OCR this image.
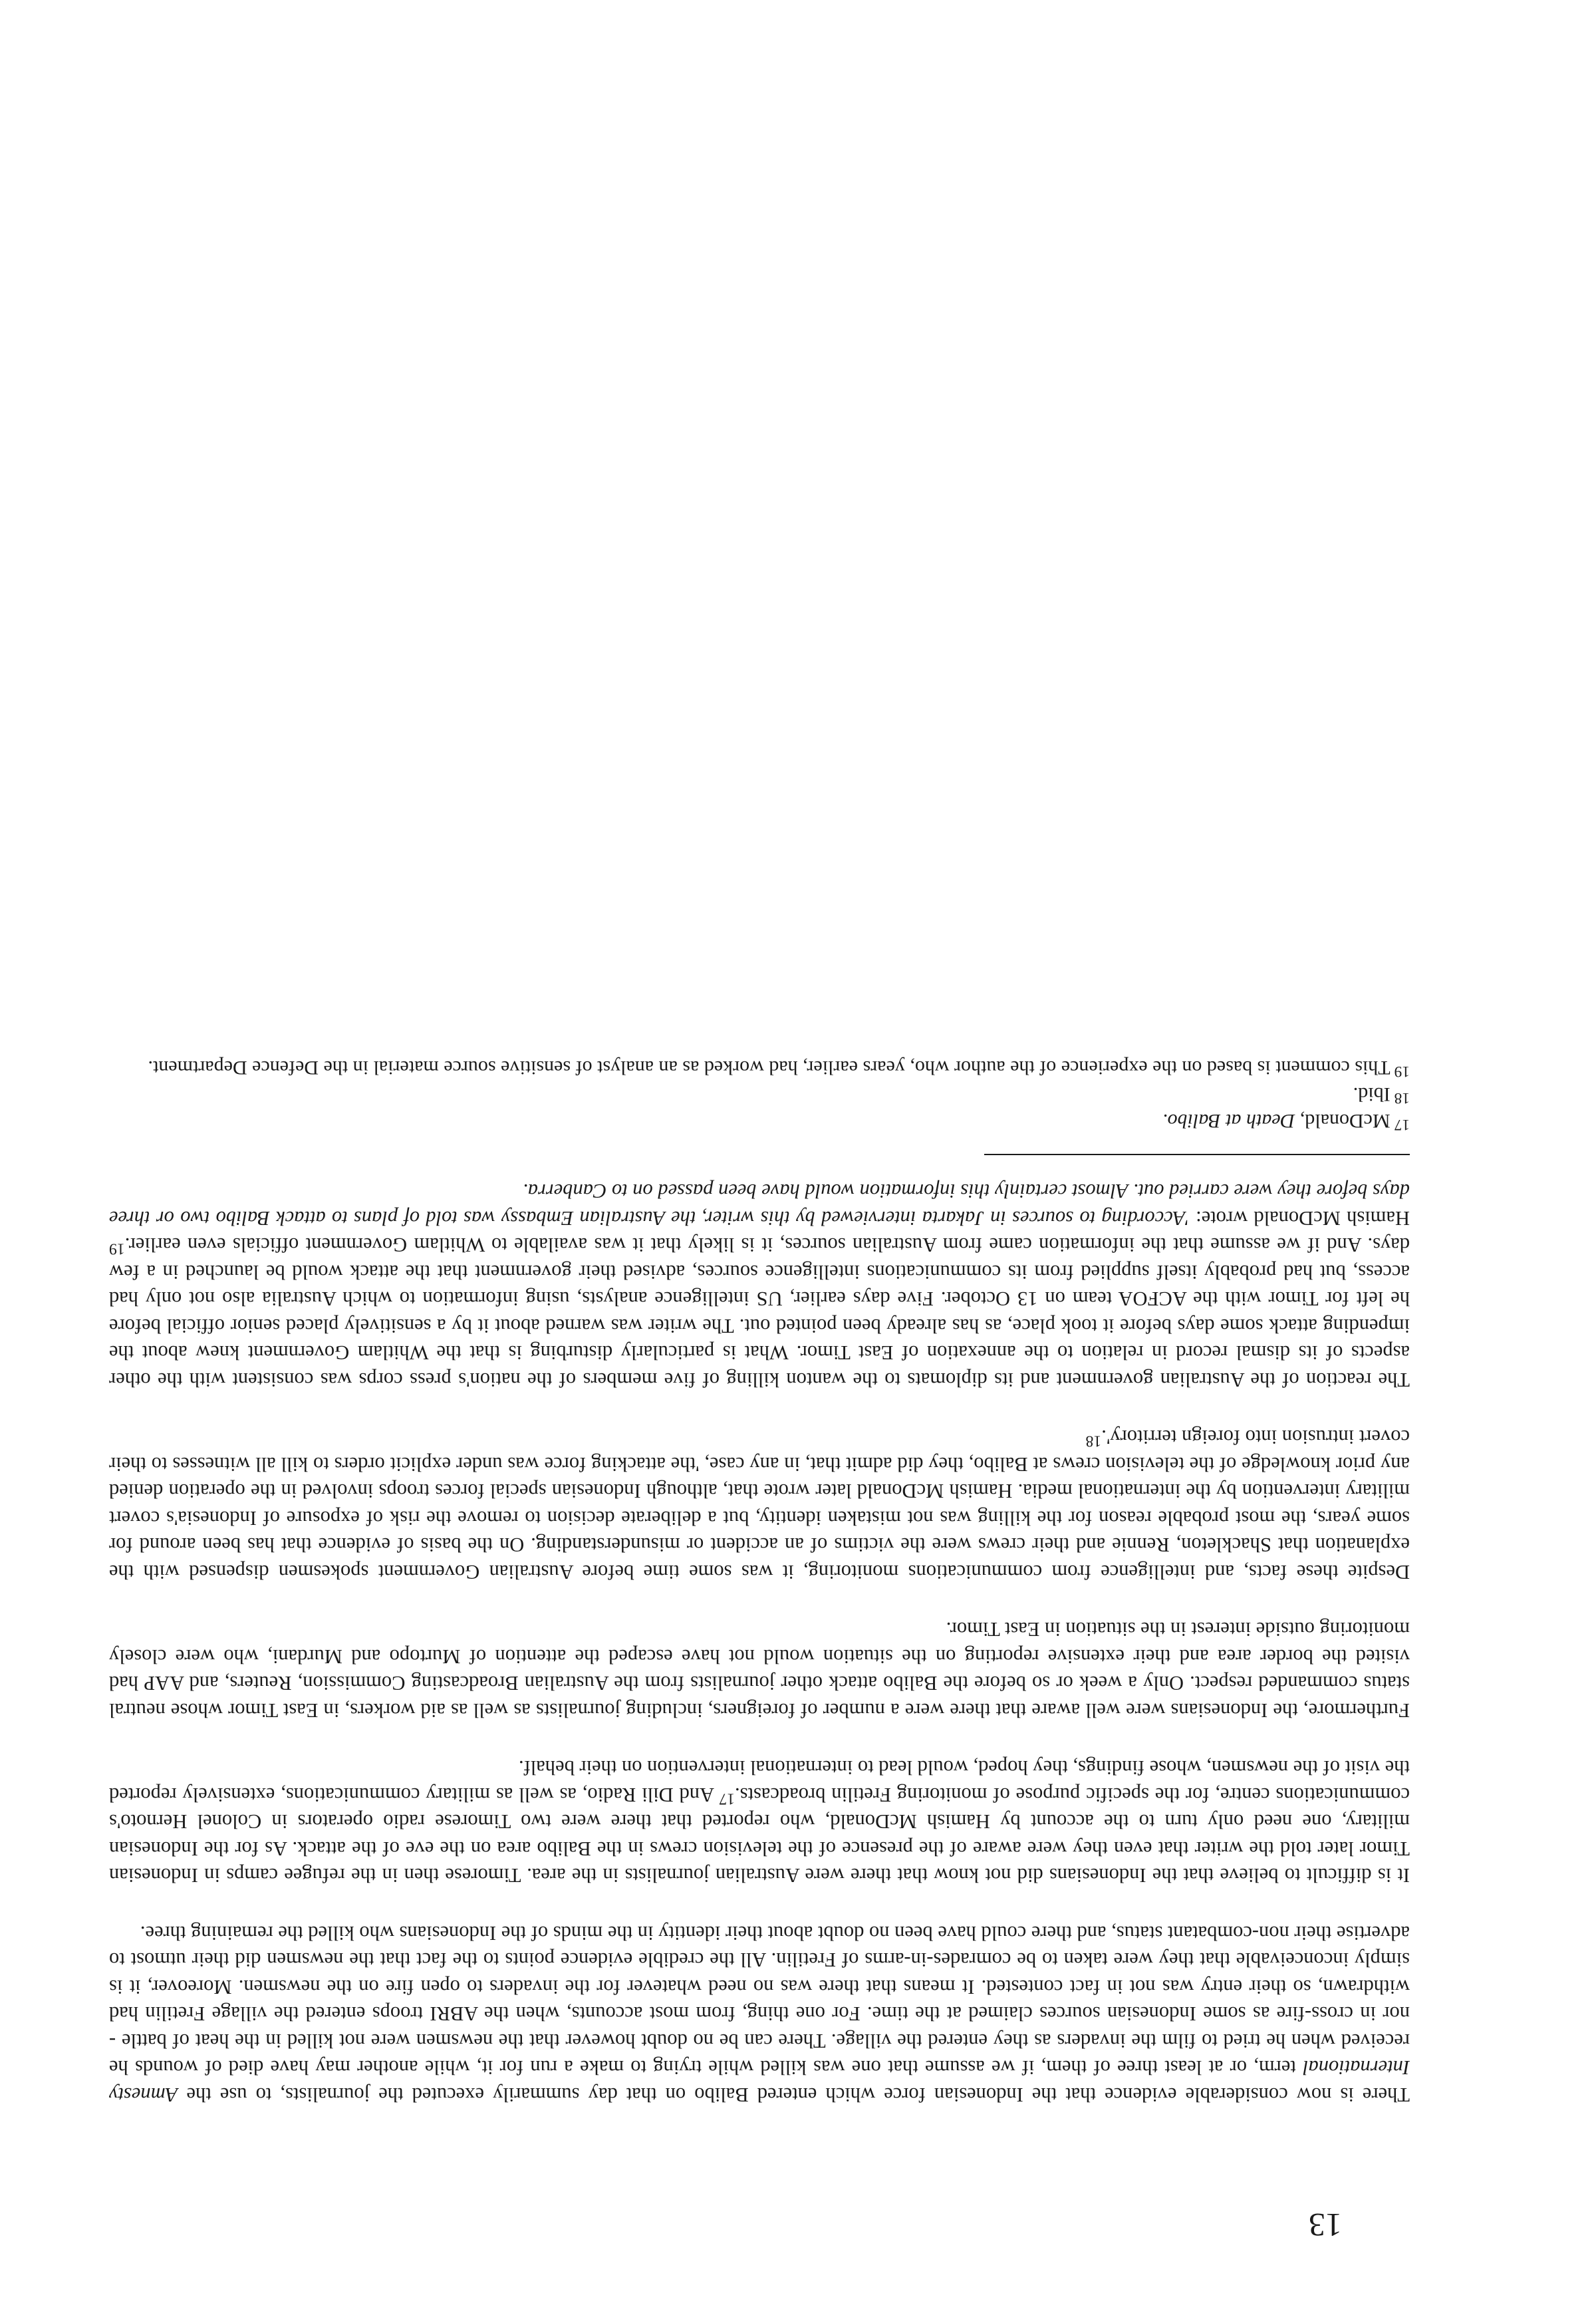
There is now considerable evidence that the Indonesian force which entered Balibo on that day summarily executed the journalists, to use the Amnesty International term, or at least three of them, if we assume that one was killed while trying to make a run for it, while another may have died of wounds he received when he tried to film the invaders as they entered the village. There can be no doubt however that the newsmen were not killed in the heat of battle - nor in cross-fire as some Indonesian sources claimed at the time. For one thing, from most accounts, when the ABRI troops entered the village Fretilin had withdrawn, so their entry was not in fact contested. It means that there was no need whatever for the invaders to open fire on the newsmen. Moreover, it is simply inconceivable that they were taken to be comrades-in-arms of Fretilin. All the credible evidence points to the fact that the newsmen did their utmost to advertise their non-combatant status, and there could have been no doubt about their identity in the minds of the Indonesians who killed the remaining three.

It is difficult to believe that the Indonesians did not know that there were Australian journalists in the area. Timorese then in the refugee camps in Indonesian Timor later told the writer that even they were aware of the presence of the television crews in the Balibo area on the eve of the attack. As for the Indonesian military, one need only turn to the account by Hamish McDonald, who reported that there were two Timorese radio operators in Colonel Hernoto's communications centre, for the specific purpose of monitoring Fretilin broadcasts.$^{17}$ And Dili Radio, as well as military communications, extensively reported the visit of the newsmen, whose findings, they hoped, would lead to international intervention on their behalf.

Furthermore, the Indonesians were well aware that there were a number of foreigners, including journalists as well as aid workers, in East Timor whose neutral status commanded respect. Only a week or so before the Balibo attack other journalists from the Australian Broadcasting Commission, Reuters, and AAP had visited the border area and their extensive reporting on the situation would not have escaped the attention of Murtopo and Murdani, who were closely monitoring outside interest in the situation in East Timor.

Despite these facts, and intelligence from communications monitoring, it was some time before Australian Government spokesmen dispensed with the explanation that Shackleton, Rennie and their crews were the victims of an accident or misunderstanding. On the basis of evidence that has been around for some years, the most probable reason for the killing was not mistaken identity, but a deliberate decision to remove the risk of exposure of Indonesia's covert military intervention by the international media. Hamish McDonald later wrote that, although Indonesian special forces troops involved in the operation denied any prior knowledge of the television crews at Balibo, they did admit that, in any case, 'the attacking force was under explicit orders to kill all witnesses to their covert intrusion into foreign territory'.$^{18}$

The reaction of the Australian government and its diplomats to the wanton killing of five members of the nation's press corps was consistent with the other aspects of its dismal record in relation to the annexation of East Timor. What is particularly disturbing is that the Whitlam Government knew about the impending attack some days before it took place, as has already been pointed out. The writer was warned about it by a sensitively placed senior official before he left for Timor with the ACFOA team on 13 October. Five days earlier, US intelligence analysts, using information to which Australia also not only had access, but had probably itself supplied from its communications intelligence sources, advised their government that the attack would be launched in a few days. And if we assume that the information came from Australian sources, it is likely that it was available to Whitlam Government officials even earlier.$^{19}$ Hamish McDonald wrote: 'According to sources in Jakarta interviewed by this writer, the Australian Embassy was told of plans to attack Balibo two or three days before they were carried out. Almost certainly this information would have been passed on to Canberra.

$^{17}$McDonald, Death at Balibo.

$^{18}$Ibid.

$^{19}$This comment is based on the experience of the author who, years earlier, had worked as an analyst of sensitive source material in the Defence Department.

13
